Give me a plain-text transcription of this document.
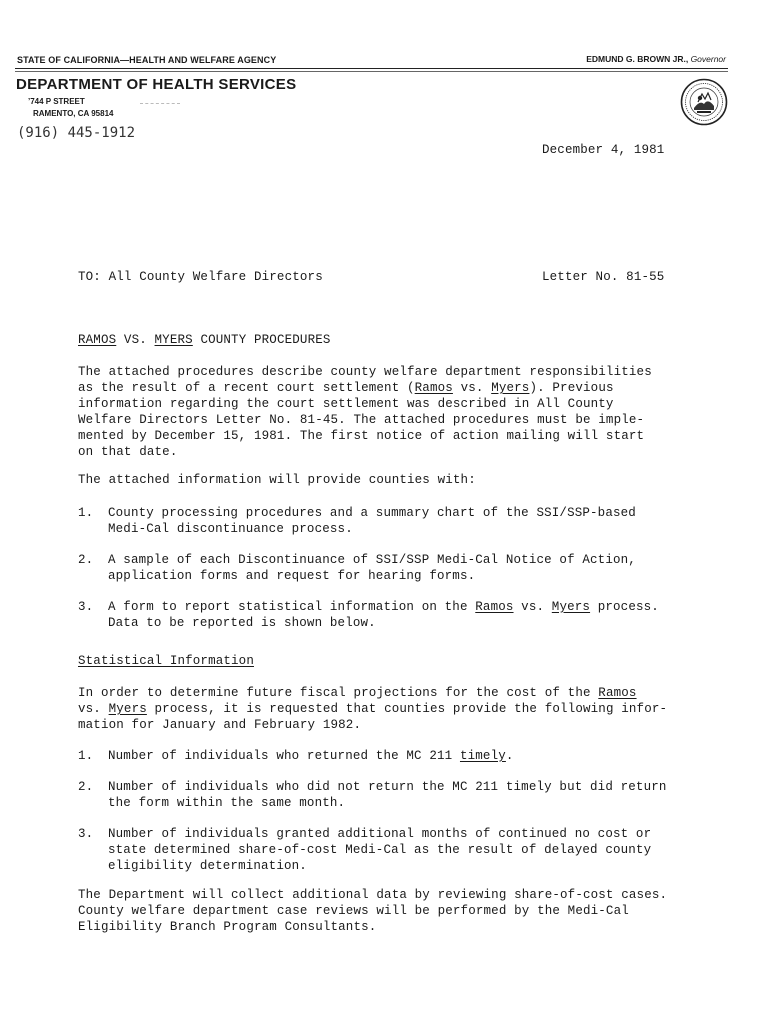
STATE OF CALIFORNIA—HEALTH AND WELFARE AGENCY	EDMUND G. BROWN JR., Governor
DEPARTMENT OF HEALTH SERVICES
’744 P STREET
RAMENTO, CA 95814
(916) 445-1912
December 4, 1981
TO: All County Welfare Directors	Letter No. 81-55
RAMOS VS. MYERS COUNTY PROCEDURES
The attached procedures describe county welfare department responsibilities
as the result of a recent court settlement (Ramos vs. Myers). Previous
information regarding the court settlement was described in All County
Welfare Directors Letter No. 81-45. The attached procedures must be imple-
mented by December 15, 1981. The first notice of action mailing will start
on that date.
The attached information will provide counties with:
1. County processing procedures and a summary chart of the SSI/SSP-based
Medi-Cal discontinuance process.
2. A sample of each Discontinuance of SSI/SSP Medi-Cal Notice of Action,
application forms and request for hearing forms.
3. A form to report statistical information on the Ramos vs. Myers process.
Data to be reported is shown below.
Statistical Information
In order to determine future fiscal projections for the cost of the Ramos
vs. Myers process, it is requested that counties provide the following infor-
mation for January and February 1982.
1. Number of individuals who returned the MC 211 timely.
2. Number of individuals who did not return the MC 211 timely but did return
the form within the same month.
3. Number of individuals granted additional months of continued no cost or
state determined share-of-cost Medi-Cal as the result of delayed county
eligibility determination.
The Department will collect additional data by reviewing share-of-cost cases.
County welfare department case reviews will be performed by the Medi-Cal
Eligibility Branch Program Consultants.
